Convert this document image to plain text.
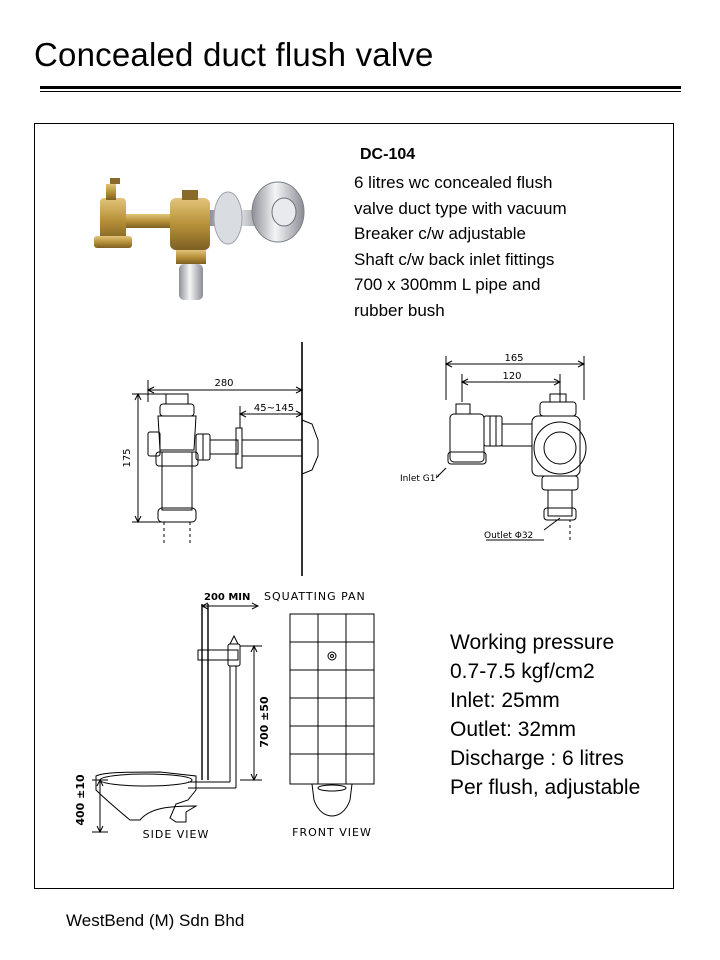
Concealed duct flush valve

DC-104

6 litres wc concealed flush
valve duct type with vacuum
Breaker c/w adjustable
Shaft c/w back inlet fittings
700 x 300mm L pipe and
rubber bush
280
45~145
175
165
120
Inlet G1"
Outlet Φ32
200 MIN SQUATTING PAN
700 ±50
400 ±10
SIDE VIEW	FRONT VIEW
Working pressure
0.7-7.5 kgf/cm2
Inlet: 25mm
Outlet: 32mm
Discharge : 6 litres
Per flush, adjustable

WestBend (M) Sdn Bhd
